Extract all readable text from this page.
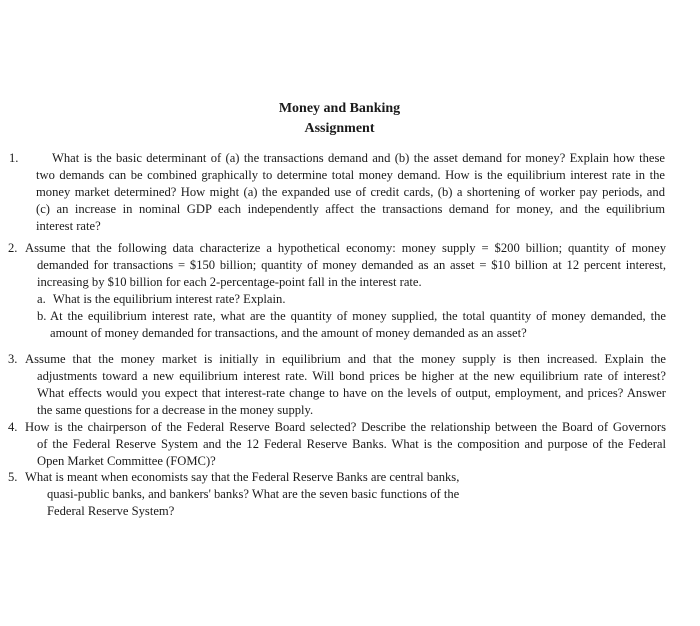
Money and Banking
Assignment
1.	What is the basic determinant of (a) the transactions demand and (b) the asset demand for money? Explain how these
two demands can be combined graphically to determine total money demand. How is the equilibrium interest rate in the
money market determined? How might (a) the expanded use of credit cards, (b) a shortening of worker pay periods, and
(c) an increase in nominal GDP each independently affect the transactions demand for money, and the equilibrium
interest rate?
2. Assume that the following data characterize a hypothetical economy: money supply = $200 billion; quantity of money
demanded for transactions = $150 billion; quantity of money demanded as an asset = $10 billion at 12 percent interest,
increasing by $10 billion for each 2-percentage-point fall in the interest rate.
a. What is the equilibrium interest rate? Explain.
b. At the equilibrium interest rate, what are the quantity of money supplied, the total quantity of money demanded, the
amount of money demanded for transactions, and the amount of money demanded as an asset?
3. Assume that the money market is initially in equilibrium and that the money supply is then increased. Explain the
adjustments toward a new equilibrium interest rate. Will bond prices be higher at the new equilibrium rate of interest?
What effects would you expect that interest-rate change to have on the levels of output, employment, and prices? Answer
the same questions for a decrease in the money supply.
4. How is the chairperson of the Federal Reserve Board selected? Describe the relationship between the Board of Governors
of the Federal Reserve System and the 12 Federal Reserve Banks. What is the composition and purpose of the Federal
Open Market Committee (FOMC)?
5. What is meant when economists say that the Federal Reserve Banks are central banks,
quasi-public banks, and bankers' banks? What are the seven basic functions of the
Federal Reserve System?
